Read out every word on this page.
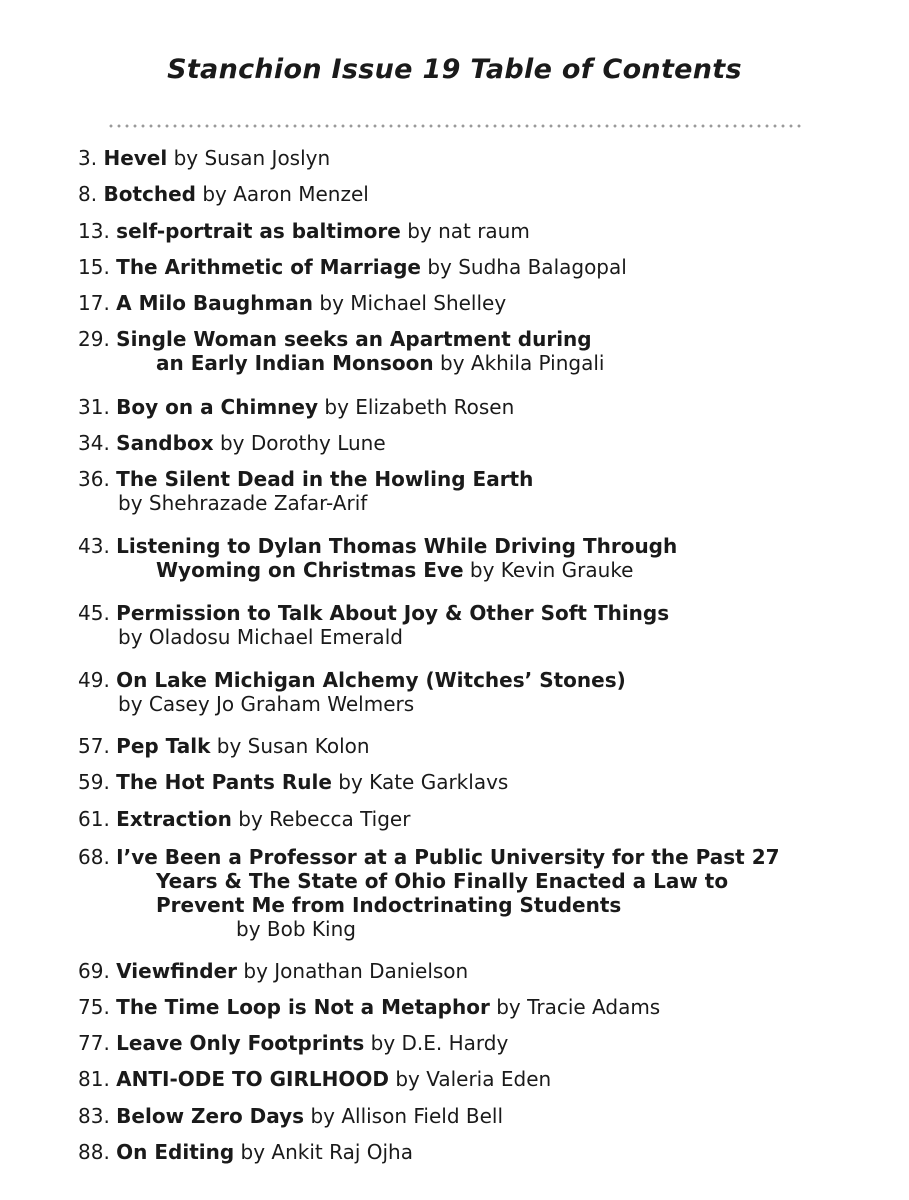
Stanchion Issue 19 Table of Contents
3. Hevel by Susan Joslyn
8. Botched by Aaron Menzel
13. self-portrait as baltimore by nat raum
15. The Arithmetic of Marriage by Sudha Balagopal
17. A Milo Baughman by Michael Shelley
29. Single Woman seeks an Apartment during
an Early Indian Monsoon by Akhila Pingali
31. Boy on a Chimney by Elizabeth Rosen
34. Sandbox by Dorothy Lune
36. The Silent Dead in the Howling Earth
by Shehrazade Zafar-Arif
43. Listening to Dylan Thomas While Driving Through
Wyoming on Christmas Eve by Kevin Grauke
45. Permission to Talk About Joy & Other Soft Things
by Oladosu Michael Emerald
49. On Lake Michigan Alchemy (Witches’ Stones)
by Casey Jo Graham Welmers
57. Pep Talk by Susan Kolon
59. The Hot Pants Rule by Kate Garklavs
61. Extraction by Rebecca Tiger
68. I’ve Been a Professor at a Public University for the Past 27
Years & The State of Ohio Finally Enacted a Law to
Prevent Me from Indoctrinating Students
by Bob King
69. Viewfinder by Jonathan Danielson
75. The Time Loop is Not a Metaphor by Tracie Adams
77. Leave Only Footprints by D.E. Hardy
81. ANTI-ODE TO GIRLHOOD by Valeria Eden
83. Below Zero Days by Allison Field Bell
88. On Editing by Ankit Raj Ojha
